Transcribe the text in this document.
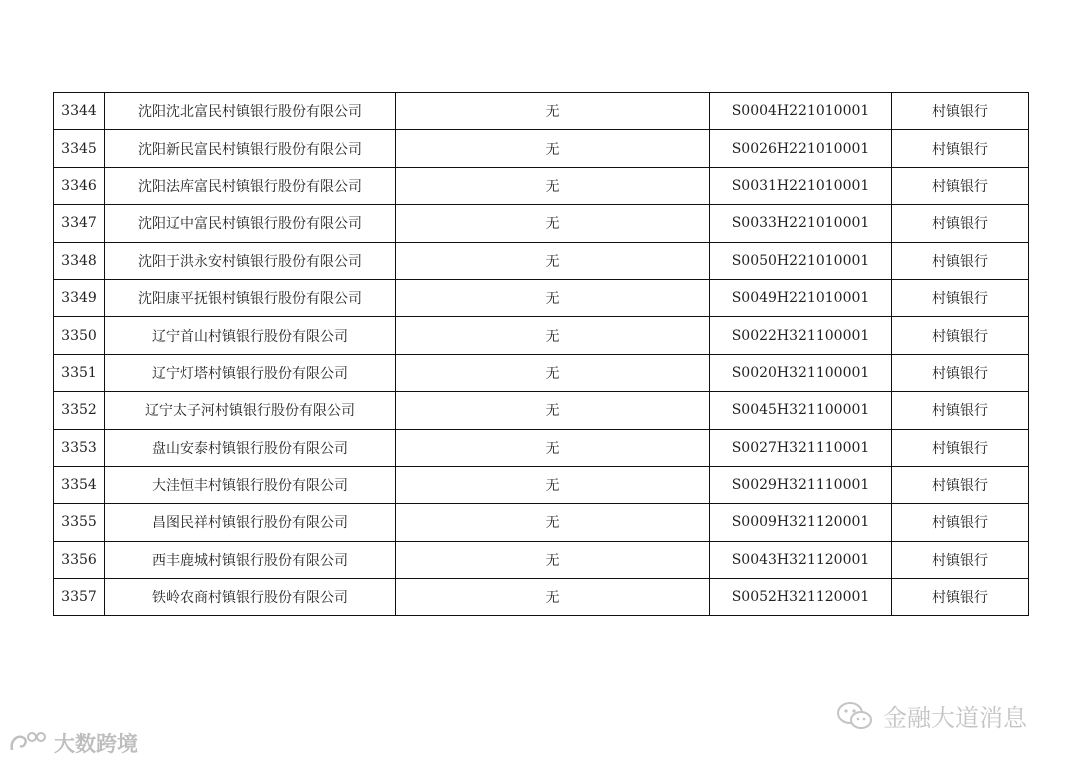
3344	沈阳沈北富民村镇银行股份有限公司	无	S0004H221010001	村镇银行
3345	沈阳新民富民村镇银行股份有限公司	无	S0026H221010001	村镇银行
3346	沈阳法库富民村镇银行股份有限公司	无	S0031H221010001	村镇银行
3347	沈阳辽中富民村镇银行股份有限公司	无	S0033H221010001	村镇银行
3348	沈阳于洪永安村镇银行股份有限公司	无	S0050H221010001	村镇银行
3349	沈阳康平抚银村镇银行股份有限公司	无	S0049H221010001	村镇银行
3350	辽宁首山村镇银行股份有限公司	无	S0022H321100001	村镇银行
3351	辽宁灯塔村镇银行股份有限公司	无	S0020H321100001	村镇银行
3352	辽宁太子河村镇银行股份有限公司	无	S0045H321100001	村镇银行
3353	盘山安泰村镇银行股份有限公司	无	S0027H321110001	村镇银行
3354	大洼恒丰村镇银行股份有限公司	无	S0029H321110001	村镇银行
3355	昌图民祥村镇银行股份有限公司	无	S0009H321120001	村镇银行
3356	西丰鹿城村镇银行股份有限公司	无	S0043H321120001	村镇银行
3357	铁岭农商村镇银行股份有限公司	无	S0052H321120001	村镇银行
大数跨境
金融大道消息
